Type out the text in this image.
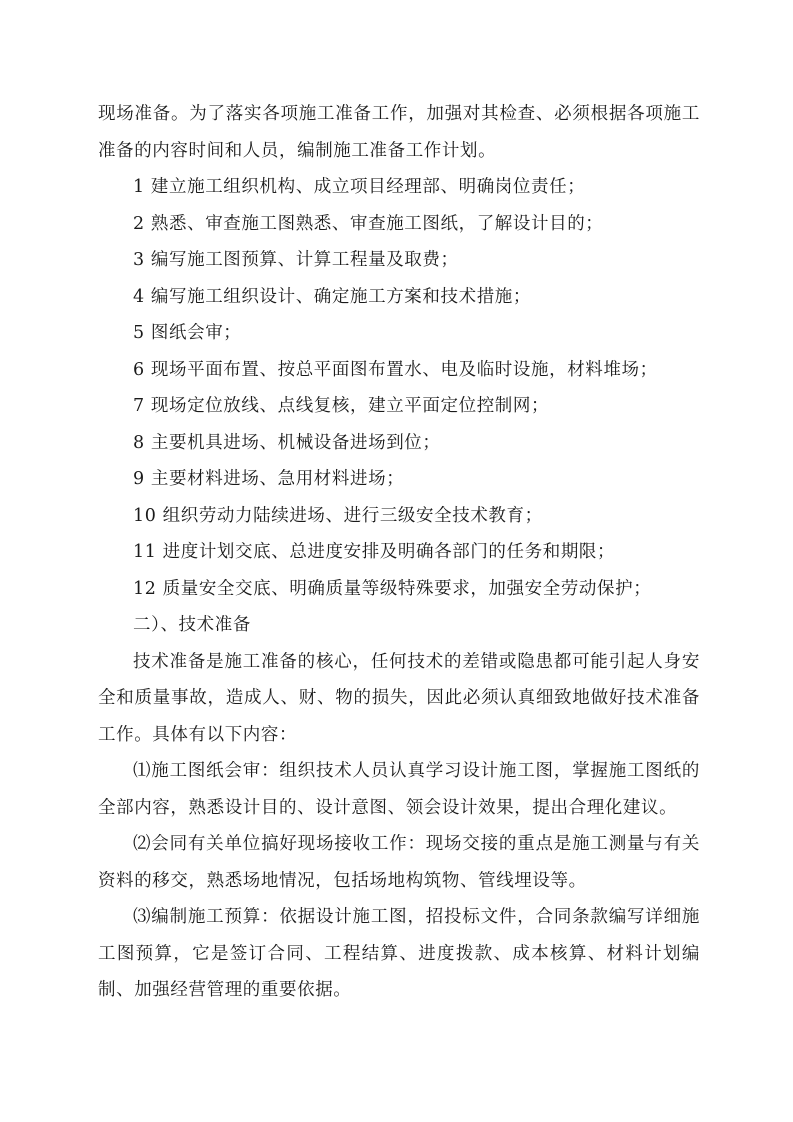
现场准备。为了落实各项施工准备工作，加强对其检查、必须根据各项施工准备的内容时间和人员，编制施工准备工作计划。

1 建立施工组织机构、成立项目经理部、明确岗位责任；

2 熟悉、审查施工图熟悉、审查施工图纸，了解设计目的；

3 编写施工图预算、计算工程量及取费；

4 编写施工组织设计、确定施工方案和技术措施；

5 图纸会审；

6 现场平面布置、按总平面图布置水、电及临时设施，材料堆场；

7 现场定位放线、点线复核，建立平面定位控制网；

8 主要机具进场、机械设备进场到位；

9 主要材料进场、急用材料进场；

10 组织劳动力陆续进场、进行三级安全技术教育；

11 进度计划交底、总进度安排及明确各部门的任务和期限；

12 质量安全交底、明确质量等级特殊要求，加强安全劳动保护；

二）、技术准备

技术准备是施工准备的核心，任何技术的差错或隐患都可能引起人身安全和质量事故，造成人、财、物的损失，因此必须认真细致地做好技术准备工作。具体有以下内容：

⑴施工图纸会审：组织技术人员认真学习设计施工图，掌握施工图纸的全部内容，熟悉设计目的、设计意图、领会设计效果，提出合理化建议。

⑵会同有关单位搞好现场接收工作：现场交接的重点是施工测量与有关资料的移交，熟悉场地情况，包括场地构筑物、管线埋设等。

⑶编制施工预算：依据设计施工图，招投标文件，合同条款编写详细施工图预算，它是签订合同、工程结算、进度拨款、成本核算、材料计划编制、加强经营管理的重要依据。
